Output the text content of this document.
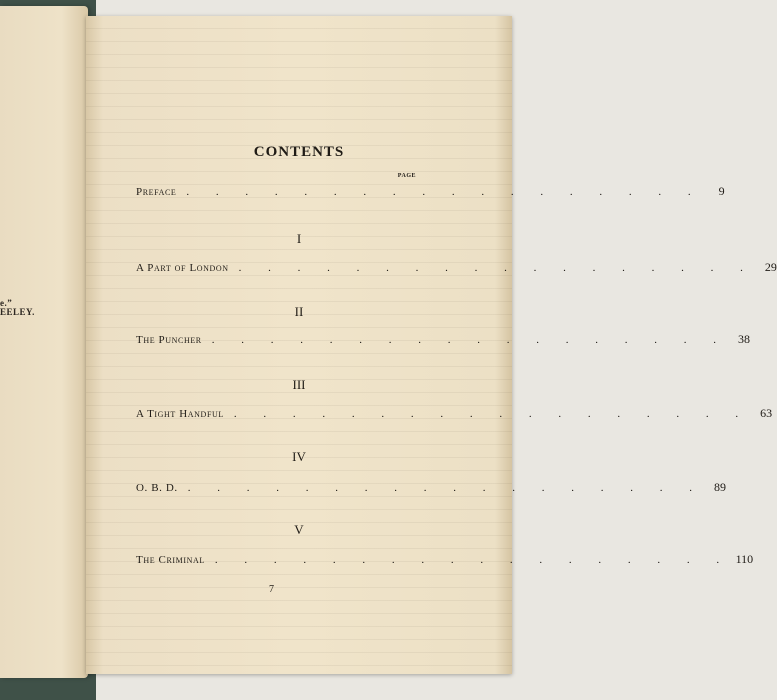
e.”
EELEY.
CONTENTS
PAGE
Preface . . . . . . . . . . . . . . . . . .	9
I
A Part of London . . . . . . . . . . . . . . . . . . 29
II
The Puncher . . . . . . . . . . . . . . . . . . 38
III
A Tight Handful . . . . . . . . . . . . . . . . . . 63
IV
O. B. D. . . . . . . . . . . . . . . . . . . 89
V
The Criminal . . . . . . . . . . . . . . . . . . 110
7
